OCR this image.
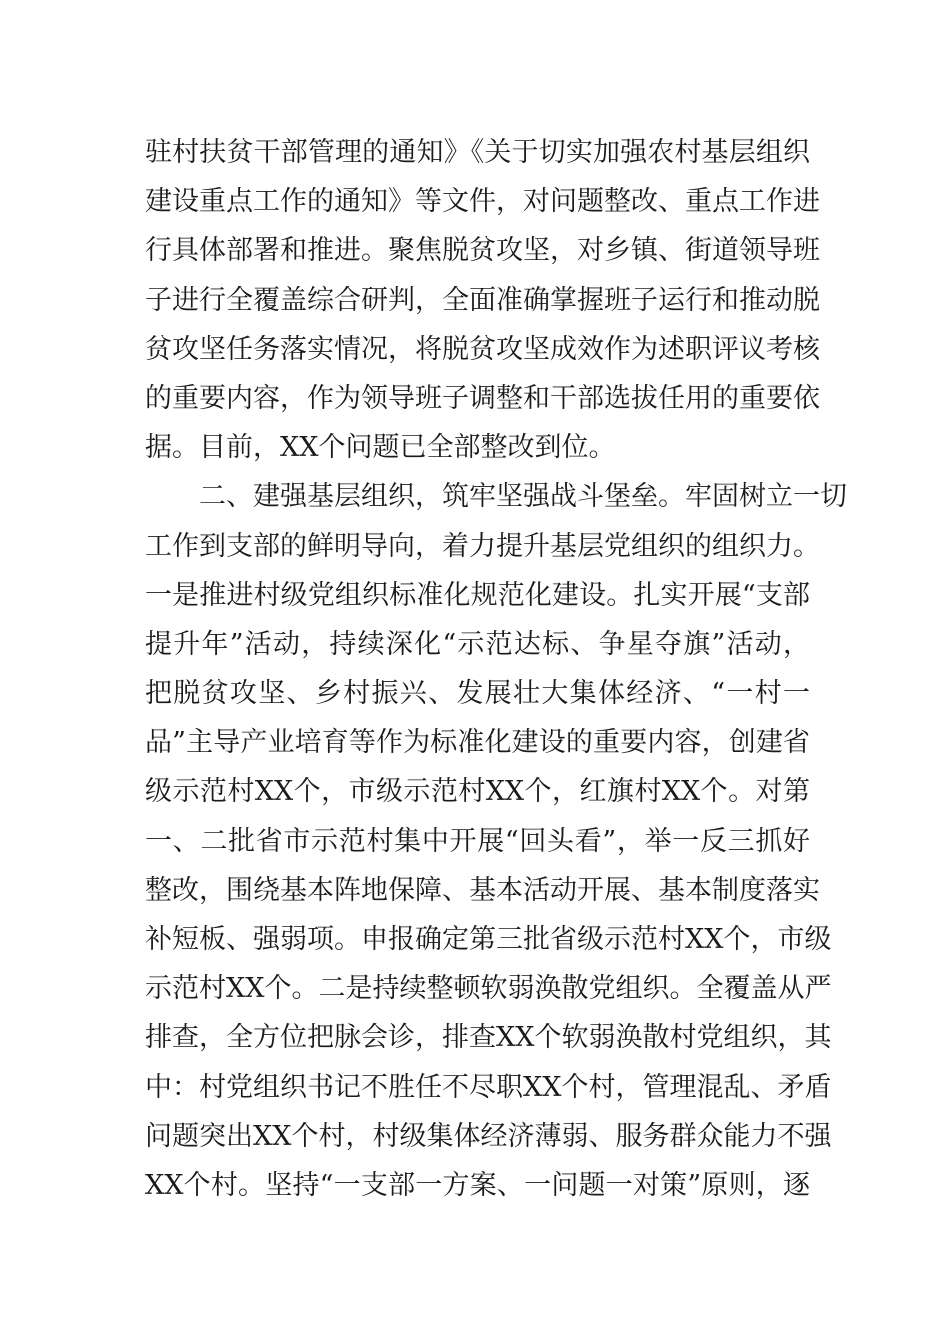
驻村扶贫干部管理的通知》《关于切实加强农村基层组织
建设重点工作的通知》等文件，对问题整改、重点工作进
行具体部署和推进。聚焦脱贫攻坚，对乡镇、街道领导班
子进行全覆盖综合研判，全面准确掌握班子运行和推动脱
贫攻坚任务落实情况，将脱贫攻坚成效作为述职评议考核
的重要内容，作为领导班子调整和干部选拔任用的重要依
据。目前，XX个问题已全部整改到位。
二、建强基层组织，筑牢坚强战斗堡垒。牢固树立一切
工作到支部的鲜明导向，着力提升基层党组织的组织力。
一是推进村级党组织标准化规范化建设。扎实开展“支部
提升年”活动，持续深化“示范达标、争星夺旗”活动，
把脱贫攻坚、乡村振兴、发展壮大集体经济、“一村一
品”主导产业培育等作为标准化建设的重要内容，创建省
级示范村XX个，市级示范村XX个，红旗村XX个。对第
一、二批省市示范村集中开展“回头看”，举一反三抓好
整改，围绕基本阵地保障、基本活动开展、基本制度落实
补短板、强弱项。申报确定第三批省级示范村XX个，市级
示范村XX个。二是持续整顿软弱涣散党组织。全覆盖从严
排查，全方位把脉会诊，排查XX个软弱涣散村党组织，其
中：村党组织书记不胜任不尽职XX个村，管理混乱、矛盾
问题突出XX个村，村级集体经济薄弱、服务群众能力不强
XX个村。坚持“一支部一方案、一问题一对策”原则，逐
